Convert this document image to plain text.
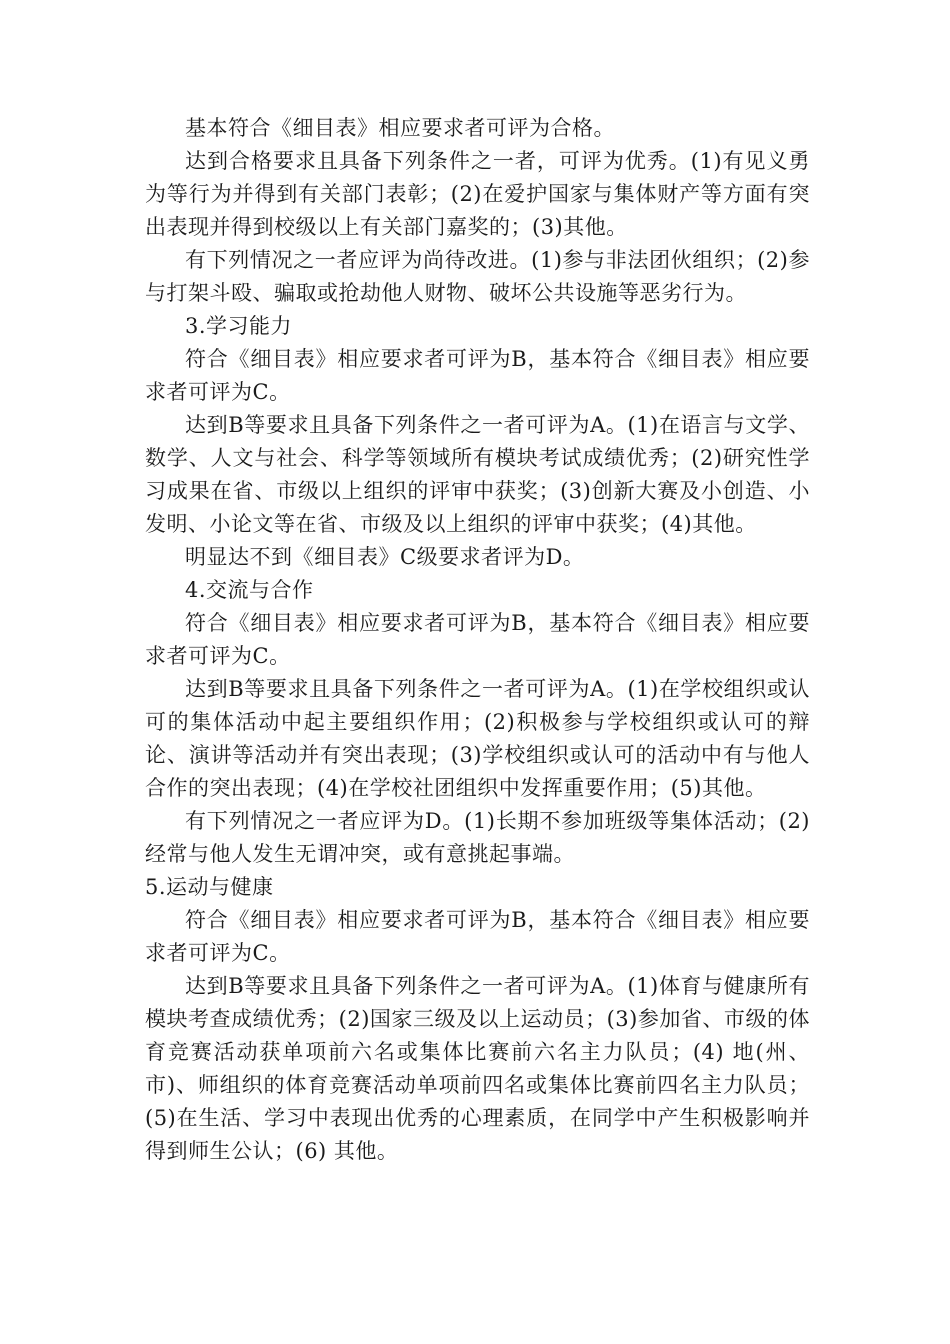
基本符合《细目表》相应要求者可评为合格。

达到合格要求且具备下列条件之一者，可评为优秀。(1)有见义勇为等行为并得到有关部门表彰；(2)在爱护国家与集体财产等方面有突出表现并得到校级以上有关部门嘉奖的；(3)其他。

有下列情况之一者应评为尚待改进。(1)参与非法团伙组织；(2)参与打架斗殴、骗取或抢劫他人财物、破坏公共设施等恶劣行为。

3.学习能力

符合《细目表》相应要求者可评为B，基本符合《细目表》相应要求者可评为C。

达到B等要求且具备下列条件之一者可评为A。(1)在语言与文学、数学、人文与社会、科学等领域所有模块考试成绩优秀；(2)研究性学习成果在省、市级以上组织的评审中获奖；(3)创新大赛及小创造、小发明、小论文等在省、市级及以上组织的评审中获奖；(4)其他。

明显达不到《细目表》C级要求者评为D。

4.交流与合作

符合《细目表》相应要求者可评为B，基本符合《细目表》相应要求者可评为C。

达到B等要求且具备下列条件之一者可评为A。(1)在学校组织或认可的集体活动中起主要组织作用；(2)积极参与学校组织或认可的辩论、演讲等活动并有突出表现；(3)学校组织或认可的活动中有与他人合作的突出表现；(4)在学校社团组织中发挥重要作用；(5)其他。

有下列情况之一者应评为D。(1)长期不参加班级等集体活动；(2)经常与他人发生无谓冲突，或有意挑起事端。

5.运动与健康

符合《细目表》相应要求者可评为B，基本符合《细目表》相应要求者可评为C。

达到B等要求且具备下列条件之一者可评为A。(1)体育与健康所有模块考查成绩优秀；(2)国家三级及以上运动员；(3)参加省、市级的体育竞赛活动获单项前六名或集体比赛前六名主力队员；(4) 地(州、市)、师组织的体育竞赛活动单项前四名或集体比赛前四名主力队员；(5)在生活、学习中表现出优秀的心理素质，在同学中产生积极影响并得到师生公认；(6) 其他。
